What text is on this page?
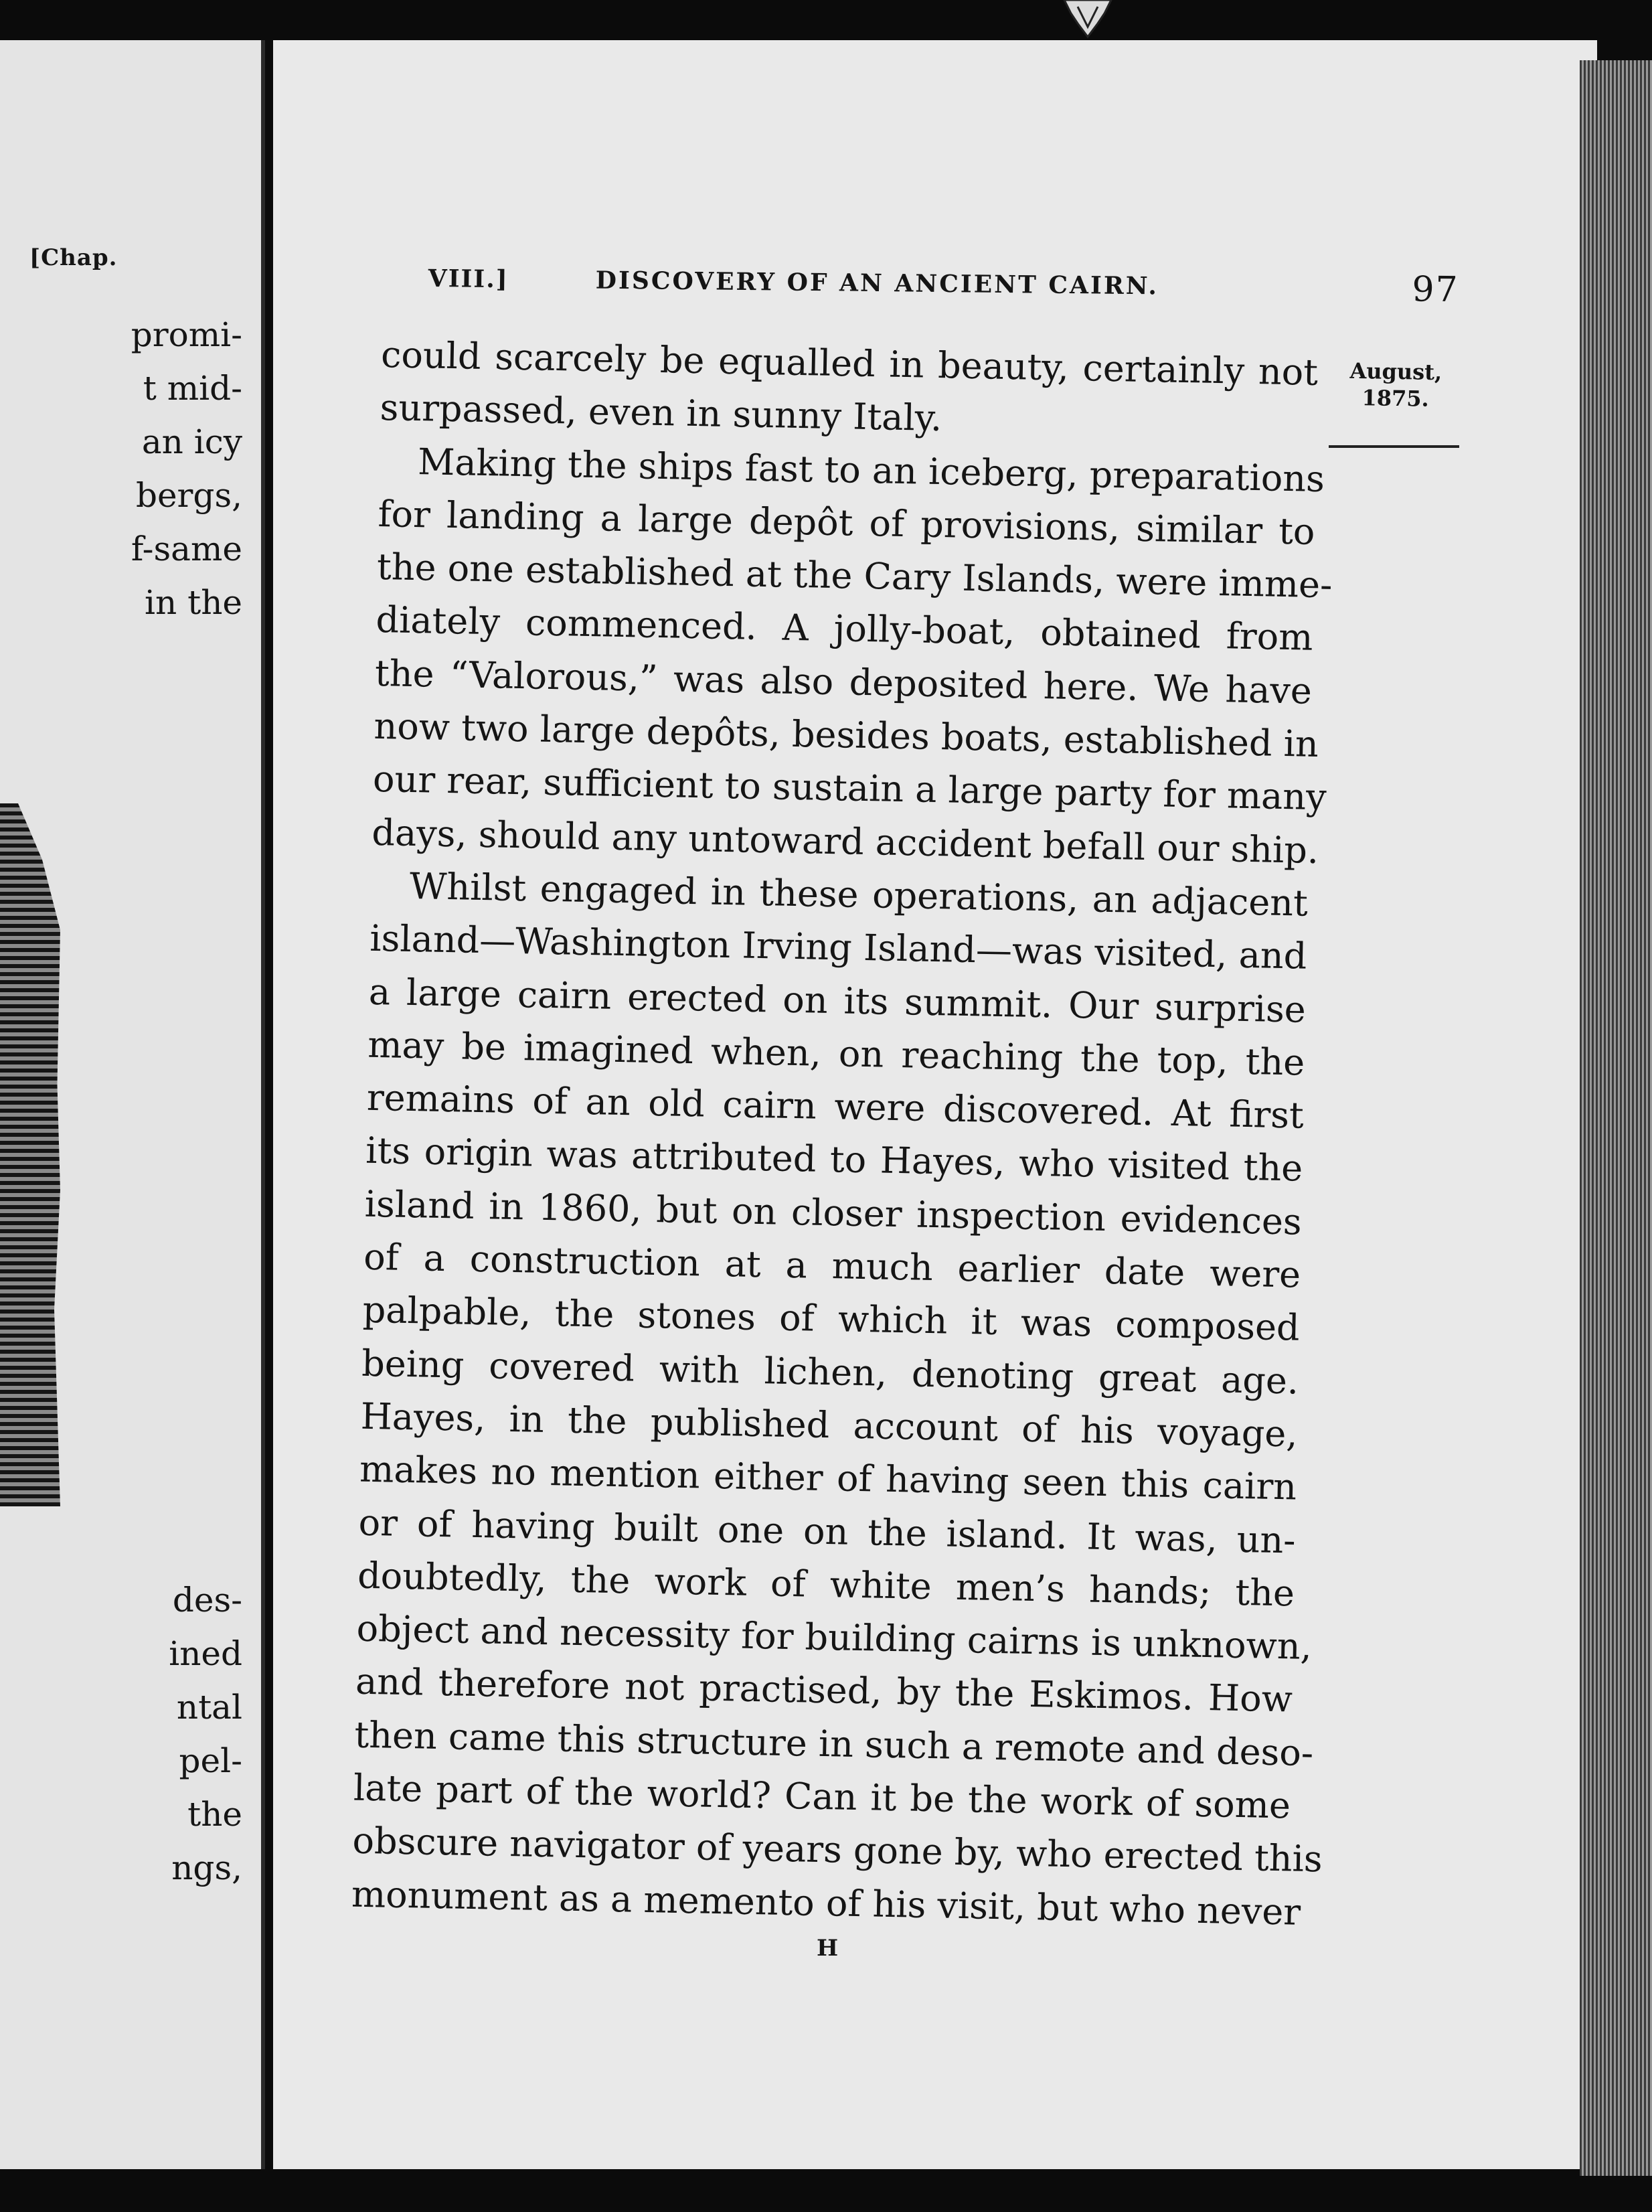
[Chap.
promi-
t mid-
an icy
bergs,
f-same
in the
des-
ined
ntal
pel-
the
ngs,
VIII.]	DISCOVERY OF AN ANCIENT CAIRN.	97
August,
1875.
could scarcely be equalled in beauty, certainly not
surpassed, even in sunny Italy.
Making the ships fast to an iceberg, preparations
for landing a large depôt of provisions, similar to
the one established at the Cary Islands, were imme-
diately commenced. A jolly-boat, obtained from
the “Valorous,” was also deposited here. We have
now two large depôts, besides boats, established in
our rear, sufficient to sustain a large party for many
days, should any untoward accident befall our ship.
Whilst engaged in these operations, an adjacent
island—Washington Irving Island—was visited, and
a large cairn erected on its summit. Our surprise
may be imagined when, on reaching the top, the
remains of an old cairn were discovered. At first
its origin was attributed to Hayes, who visited the
island in 1860, but on closer inspection evidences
of a construction at a much earlier date were
palpable, the stones of which it was composed
being covered with lichen, denoting great age.
Hayes, in the published account of his voyage,
makes no mention either of having seen this cairn
or of having built one on the island. It was, un-
doubtedly, the work of white men’s hands; the
object and necessity for building cairns is unknown,
and therefore not practised, by the Eskimos. How
then came this structure in such a remote and deso-
late part of the world? Can it be the work of some
obscure navigator of years gone by, who erected this
monument as a memento of his visit, but who never
H
